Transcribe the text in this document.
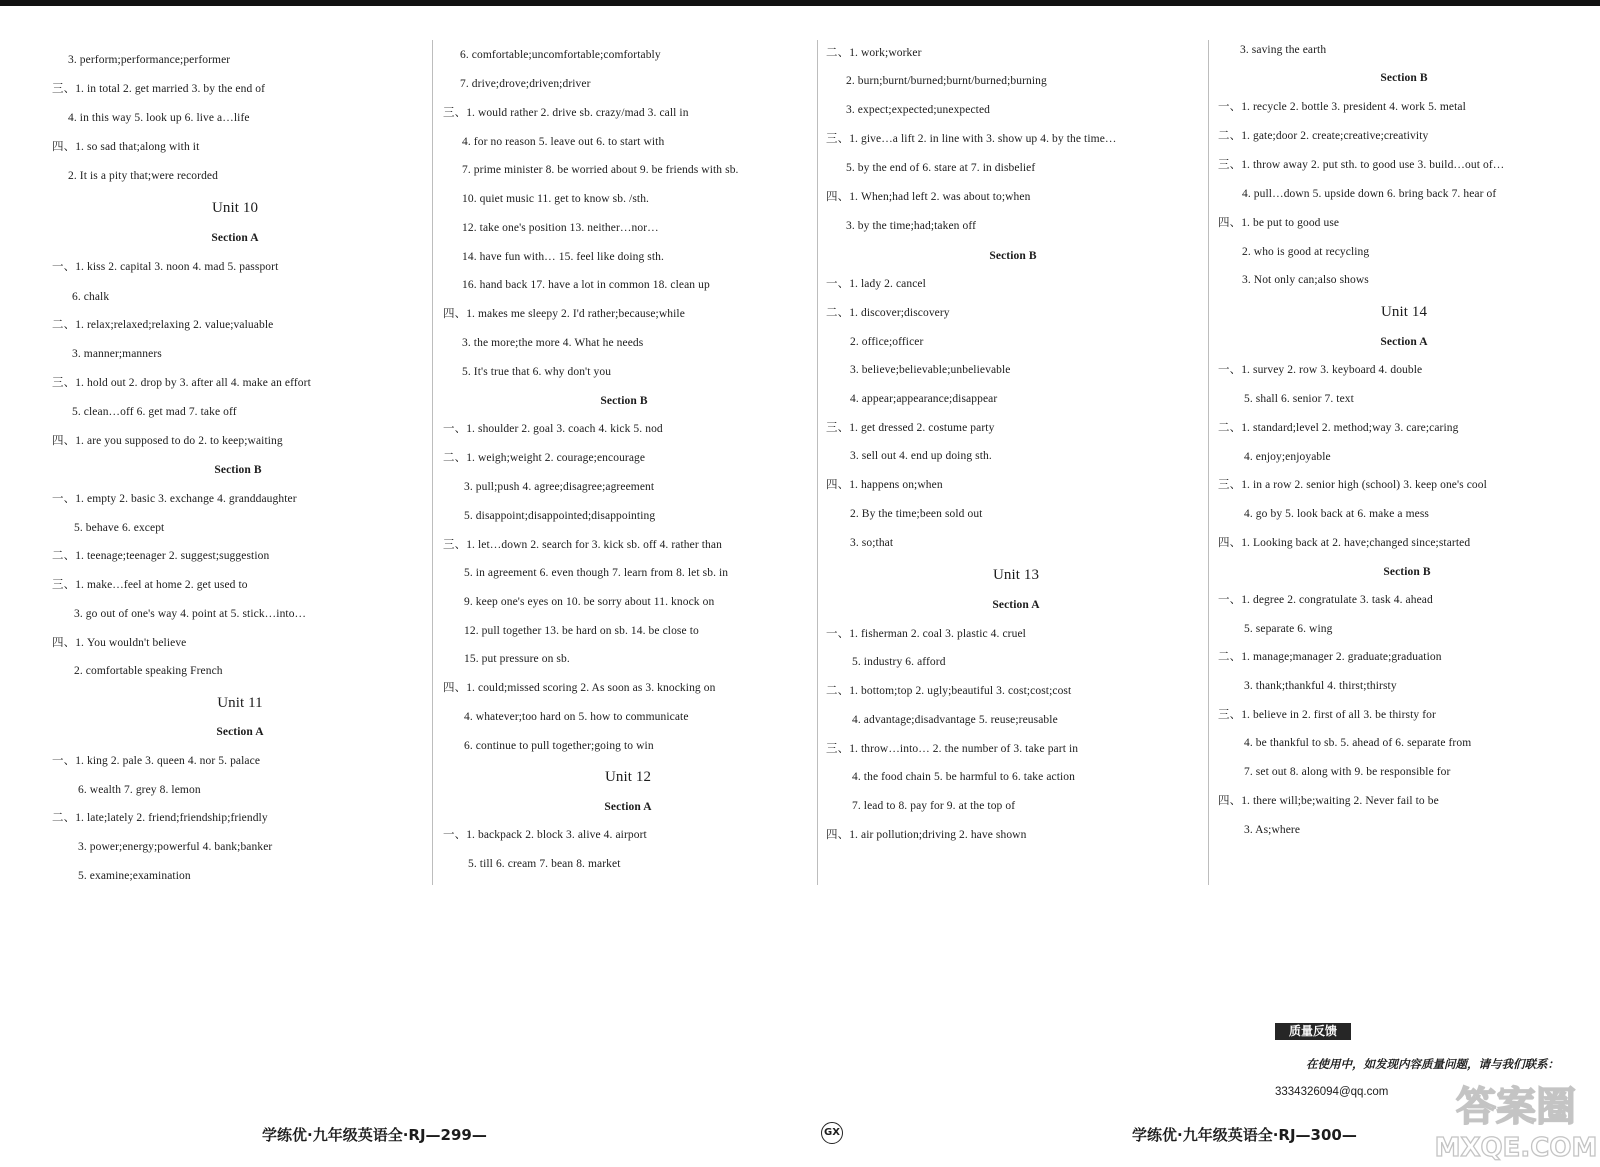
3. perform;performance;performer
三、1. in total 2. get married 3. by the end of
4. in this way 5. look up 6. live a…life
四、1. so sad that;along with it
2. It is a pity that;were recorded
Unit 10
Section A
一、1. kiss 2. capital 3. noon 4. mad 5. passport
6. chalk
二、1. relax;relaxed;relaxing 2. value;valuable
3. manner;manners
三、1. hold out 2. drop by 3. after all 4. make an effort
5. clean…off 6. get mad 7. take off
四、1. are you supposed to do 2. to keep;waiting
Section B
一、1. empty 2. basic 3. exchange 4. granddaughter
5. behave 6. except
二、1. teenage;teenager 2. suggest;suggestion
三、1. make…feel at home 2. get used to
3. go out of one's way 4. point at 5. stick…into…
四、1. You wouldn't believe
2. comfortable speaking French
Unit 11
Section A
一、1. king 2. pale 3. queen 4. nor 5. palace
6. wealth 7. grey 8. lemon
二、1. late;lately 2. friend;friendship;friendly
3. power;energy;powerful 4. bank;banker
5. examine;examination
6. comfortable;uncomfortable;comfortably
7. drive;drove;driven;driver
三、1. would rather 2. drive sb. crazy/mad 3. call in
4. for no reason 5. leave out 6. to start with
7. prime minister 8. be worried about 9. be friends with sb.
10. quiet music 11. get to know sb. /sth.
12. take one's position 13. neither…nor…
14. have fun with… 15. feel like doing sth.
16. hand back 17. have a lot in common 18. clean up
四、1. makes me sleepy 2. I'd rather;because;while
3. the more;the more 4. What he needs
5. It's true that 6. why don't you
Section B
一、1. shoulder 2. goal 3. coach 4. kick 5. nod
二、1. weigh;weight 2. courage;encourage
3. pull;push 4. agree;disagree;agreement
5. disappoint;disappointed;disappointing
三、1. let…down 2. search for 3. kick sb. off 4. rather than
5. in agreement 6. even though 7. learn from 8. let sb. in
9. keep one's eyes on 10. be sorry about 11. knock on
12. pull together 13. be hard on sb. 14. be close to
15. put pressure on sb.
四、1. could;missed scoring 2. As soon as 3. knocking on
4. whatever;too hard on 5. how to communicate
6. continue to pull together;going to win
Unit 12
Section A
一、1. backpack 2. block 3. alive 4. airport
5. till 6. cream 7. bean 8. market
二、1. work;worker
2. burn;burnt/burned;burnt/burned;burning
3. expect;expected;unexpected
三、1. give…a lift 2. in line with 3. show up 4. by the time…
5. by the end of 6. stare at 7. in disbelief
四、1. When;had left 2. was about to;when
3. by the time;had;taken off
Section B
一、1. lady 2. cancel
二、1. discover;discovery
2. office;officer
3. believe;believable;unbelievable
4. appear;appearance;disappear
三、1. get dressed 2. costume party
3. sell out 4. end up doing sth.
四、1. happens on;when
2. By the time;been sold out
3. so;that
Unit 13
Section A
一、1. fisherman 2. coal 3. plastic 4. cruel
5. industry 6. afford
二、1. bottom;top 2. ugly;beautiful 3. cost;cost;cost
4. advantage;disadvantage 5. reuse;reusable
三、1. throw…into… 2. the number of 3. take part in
4. the food chain 5. be harmful to 6. take action
7. lead to 8. pay for 9. at the top of
四、1. air pollution;driving 2. have shown
3. saving the earth
Section B
一、1. recycle 2. bottle 3. president 4. work 5. metal
二、1. gate;door 2. create;creative;creativity
三、1. throw away 2. put sth. to good use 3. build…out of…
4. pull…down 5. upside down 6. bring back 7. hear of
四、1. be put to good use
2. who is good at recycling
3. Not only can;also shows
Unit 14
Section A
一、1. survey 2. row 3. keyboard 4. double
5. shall 6. senior 7. text
二、1. standard;level 2. method;way 3. care;caring
4. enjoy;enjoyable
三、1. in a row 2. senior high (school) 3. keep one's cool
4. go by 5. look back at 6. make a mess
四、1. Looking back at 2. have;changed since;started
Section B
一、1. degree 2. congratulate 3. task 4. ahead
5. separate 6. wing
二、1. manage;manager 2. graduate;graduation
3. thank;thankful 4. thirst;thirsty
三、1. believe in 2. first of all 3. be thirsty for
4. be thankful to sb. 5. ahead of 6. separate from
7. set out 8. along with 9. be responsible for
四、1. there will;be;waiting 2. Never fail to be
3. As;where
质量反馈
在使用中，如发现内容质量问题，请与我们联系：
3334326094@qq.com
学练优·九年级英语全·RJ—299—	GX	学练优·九年级英语全·RJ—300—
答案圈
MXQE.COM
